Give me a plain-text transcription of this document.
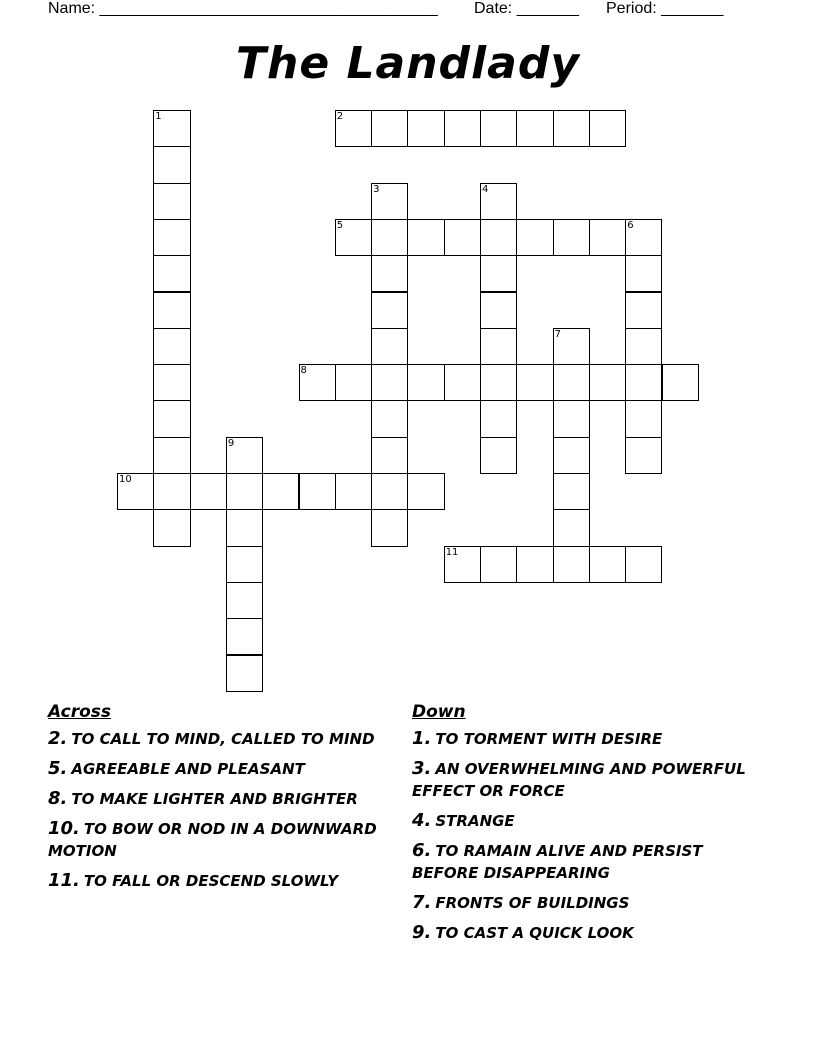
Name: ______________________________________ Date: _______ Period: _______
The Landlady
1	2
3	4
5	6
7
8
9
10
11
Across
2. TO CALL TO MIND, CALLED TO MIND
5. AGREEABLE AND PLEASANT
8. TO MAKE LIGHTER AND BRIGHTER
10. TO BOW OR NOD IN A DOWNWARD MOTION
11. TO FALL OR DESCEND SLOWLY
Down
1. TO TORMENT WITH DESIRE
3. AN OVERWHELMING AND POWERFUL EFFECT OR FORCE
4. STRANGE
6. TO RAMAIN ALIVE AND PERSIST BEFORE DISAPPEARING
7. FRONTS OF BUILDINGS
9. TO CAST A QUICK LOOK
